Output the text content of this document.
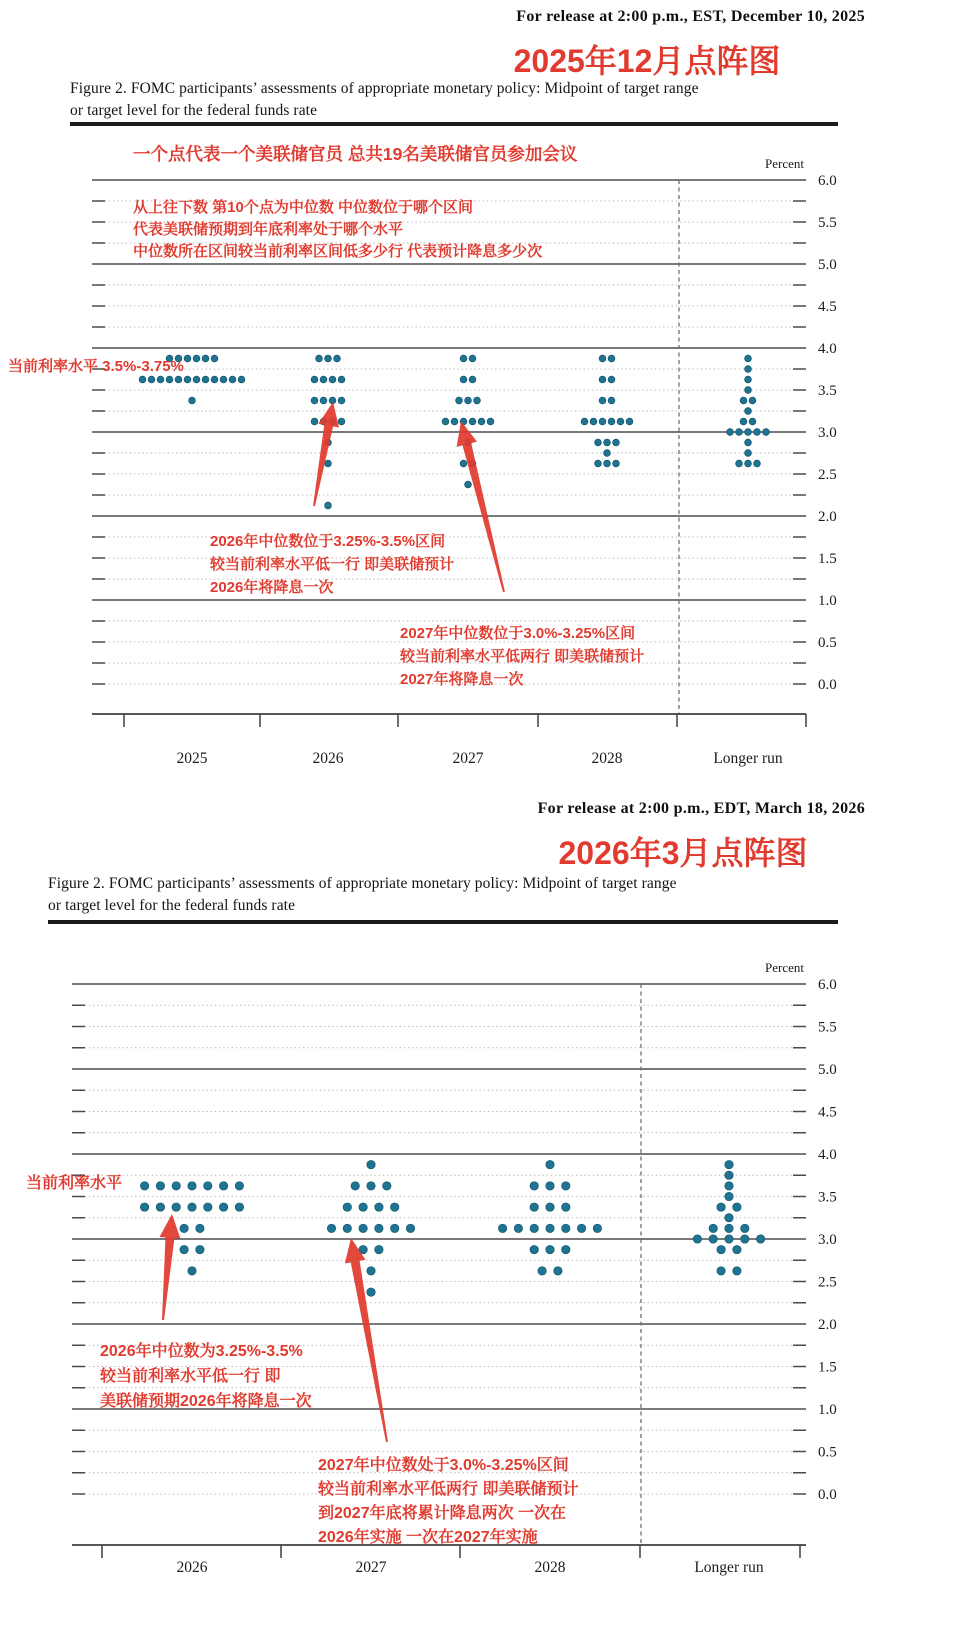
6.0
5.5
5.0
4.5
4.0
3.5
3.0
2.5
2.0
1.5
1.0
0.5
0.0
Percent
2025	2026	2027	2028	Longer run
6.0
5.5
5.0
4.5
4.0
3.5
3.0
2.5
2.0
1.5
1.0
0.5
0.0
Percent
2026	2027	2028	Longer run
For release at 2:00 p.m., EST, December 10, 2025
2025年12月点阵图
Figure 2. FOMC participants’ assessments of appropriate monetary policy: Midpoint of target range
or target level for the federal funds rate
一个点代表一个美联储官员 总共19名美联储官员参加会议
从上往下数 第10个点为中位数 中位数位于哪个区间
代表美联储预期到年底利率处于哪个水平
中位数所在区间较当前利率区间低多少行 代表预计降息多少次
当前利率水平 3.5%-3.75%
2026年中位数位于3.25%-3.5%区间
较当前利率水平低一行 即美联储预计
2026年将降息一次
2027年中位数位于3.0%-3.25%区间
较当前利率水平低两行 即美联储预计
2027年将降息一次
For release at 2:00 p.m., EDT, March 18, 2026
2026年3月点阵图
Figure 2. FOMC participants’ assessments of appropriate monetary policy: Midpoint of target range
or target level for the federal funds rate
当前利率水平
2026年中位数为3.25%-3.5%
较当前利率水平低一行 即
美联储预期2026年将降息一次
2027年中位数处于3.0%-3.25%区间
较当前利率水平低两行 即美联储预计
到2027年底将累计降息两次 一次在
2026年实施 一次在2027年实施
